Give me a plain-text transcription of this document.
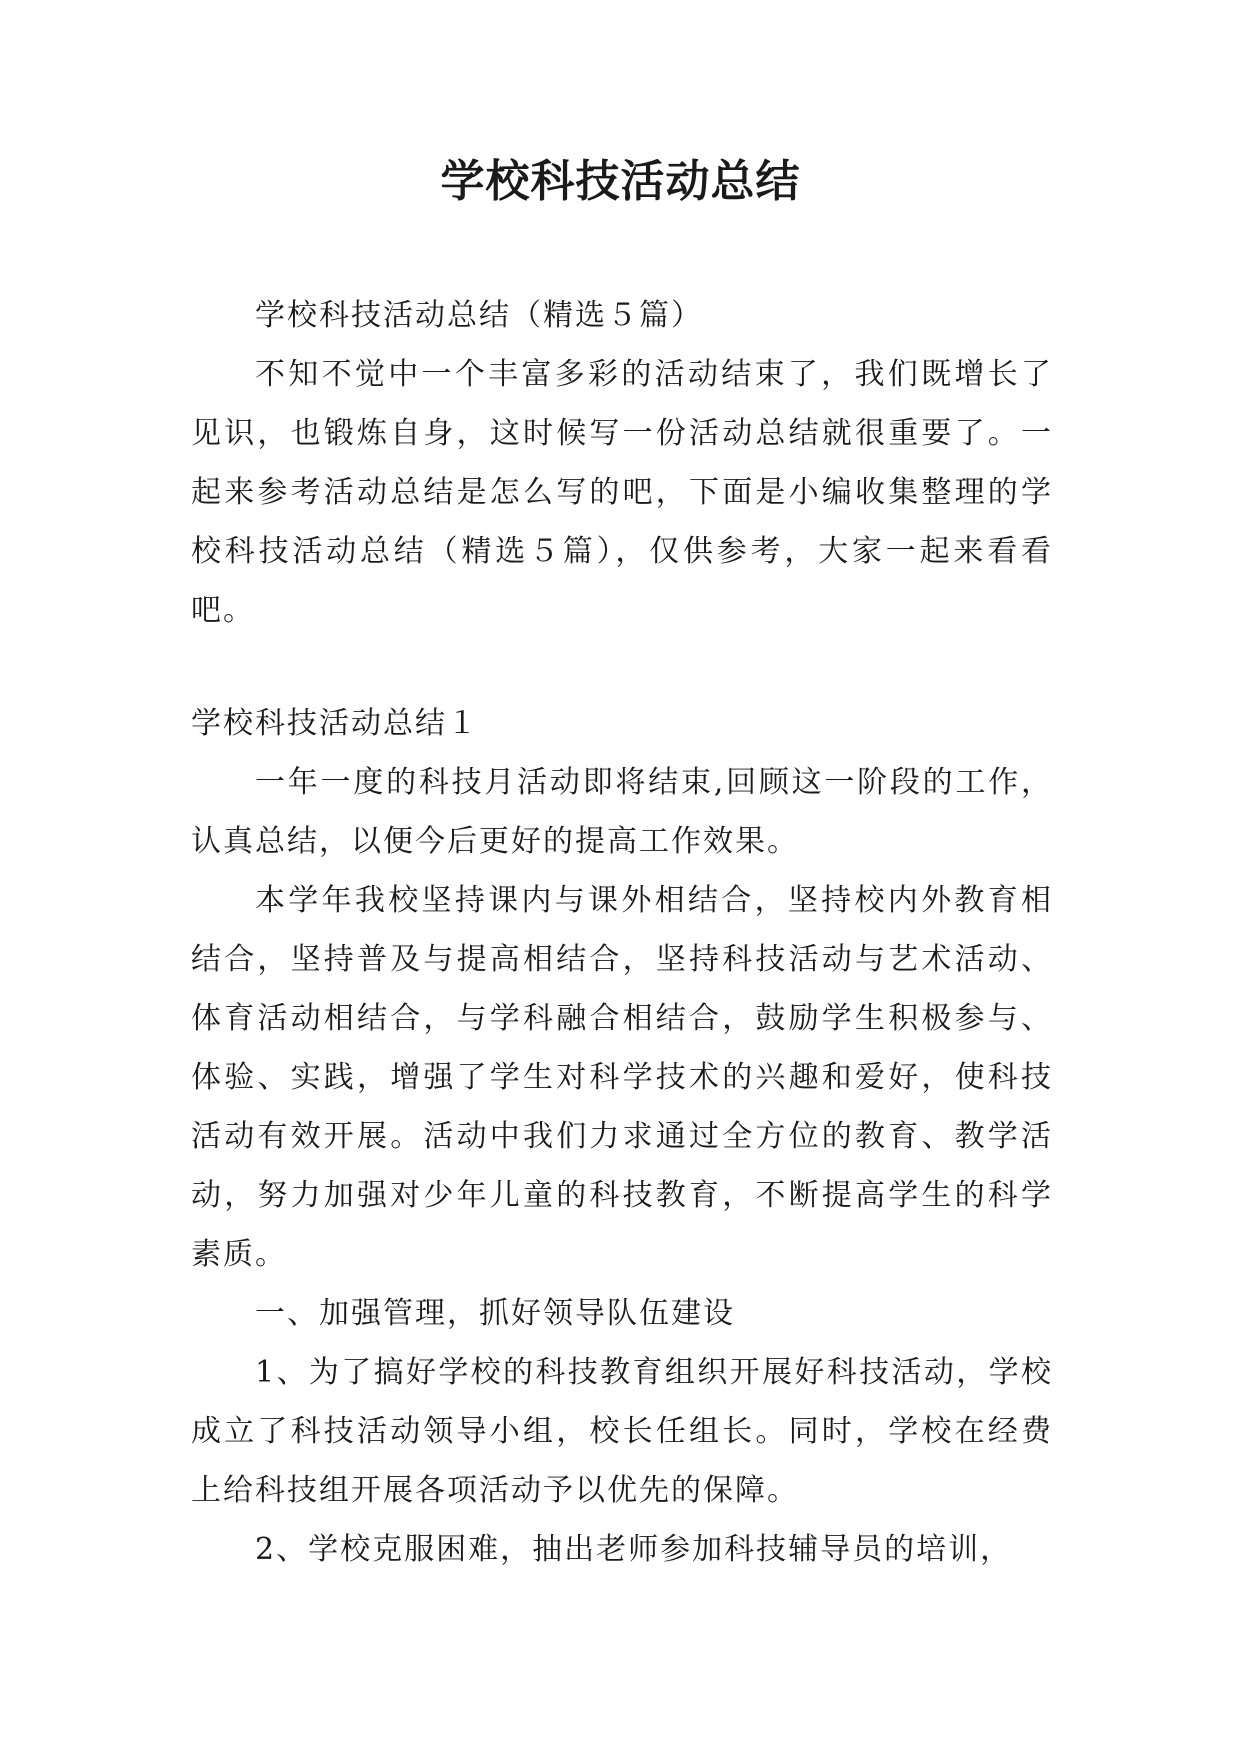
学校科技活动总结

学校科技活动总结（精选５篇）

不知不觉中一个丰富多彩的活动结束了，我们既增长了见识，也锻炼自身，这时候写一份活动总结就很重要了。一起来参考活动总结是怎么写的吧，下面是小编收集整理的学校科技活动总结（精选５篇），仅供参考，大家一起来看看吧。

学校科技活动总结１

一年一度的科技月活动即将结束,回顾这一阶段的工作，认真总结，以便今后更好的提高工作效果。

本学年我校坚持课内与课外相结合，坚持校内外教育相结合，坚持普及与提高相结合，坚持科技活动与艺术活动、体育活动相结合，与学科融合相结合，鼓励学生积极参与、体验、实践，增强了学生对科学技术的兴趣和爱好，使科技活动有效开展。活动中我们力求通过全方位的教育、教学活动，努力加强对少年儿童的科技教育，不断提高学生的科学素质。

一、加强管理，抓好领导队伍建设

1、为了搞好学校的科技教育组织开展好科技活动，学校成立了科技活动领导小组，校长任组长。同时，学校在经费上给科技组开展各项活动予以优先的保障。

2、学校克服困难，抽出老师参加科技辅导员的培训，
